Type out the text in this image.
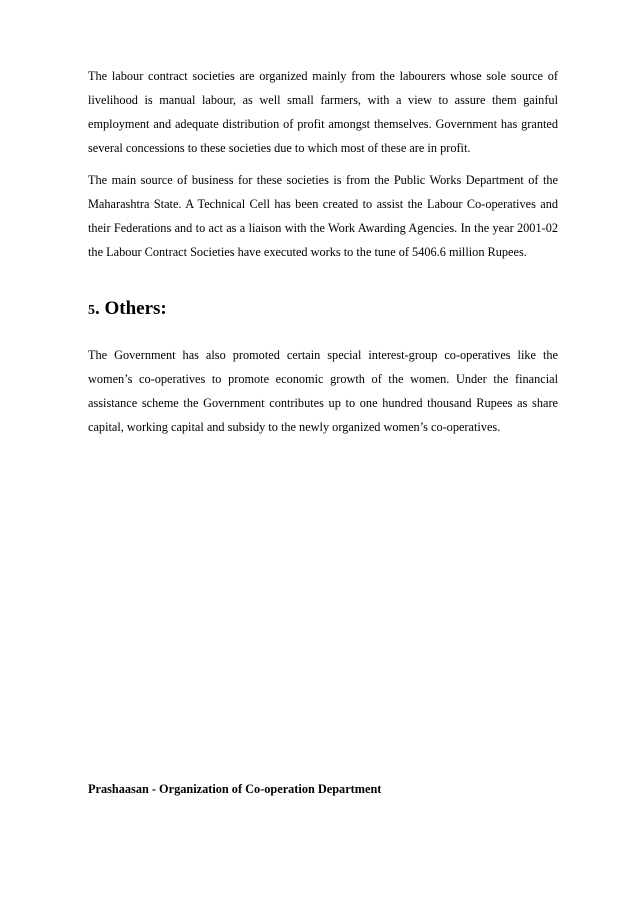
The labour contract societies are organized mainly from the labourers whose sole source of livelihood is manual labour, as well small farmers, with a view to assure them gainful employment and adequate distribution of profit amongst themselves. Government has granted several concessions to these societies due to which most of these are in profit.

The main source of business for these societies is from the Public Works Department of the Maharashtra State. A Technical Cell has been created to assist the Labour Co-operatives and their Federations and to act as a liaison with the Work Awarding Agencies. In the year 2001-02 the Labour Contract Societies have executed works to the tune of 5406.6 million Rupees.

5. Others:

The Government has also promoted certain special interest-group co-operatives like the women’s co-operatives to promote economic growth of the women. Under the financial assistance scheme the Government contributes up to one hundred thousand Rupees as share capital, working capital and subsidy to the newly organized women’s co-operatives.

Prashaasan - Organization of Co-operation Department
